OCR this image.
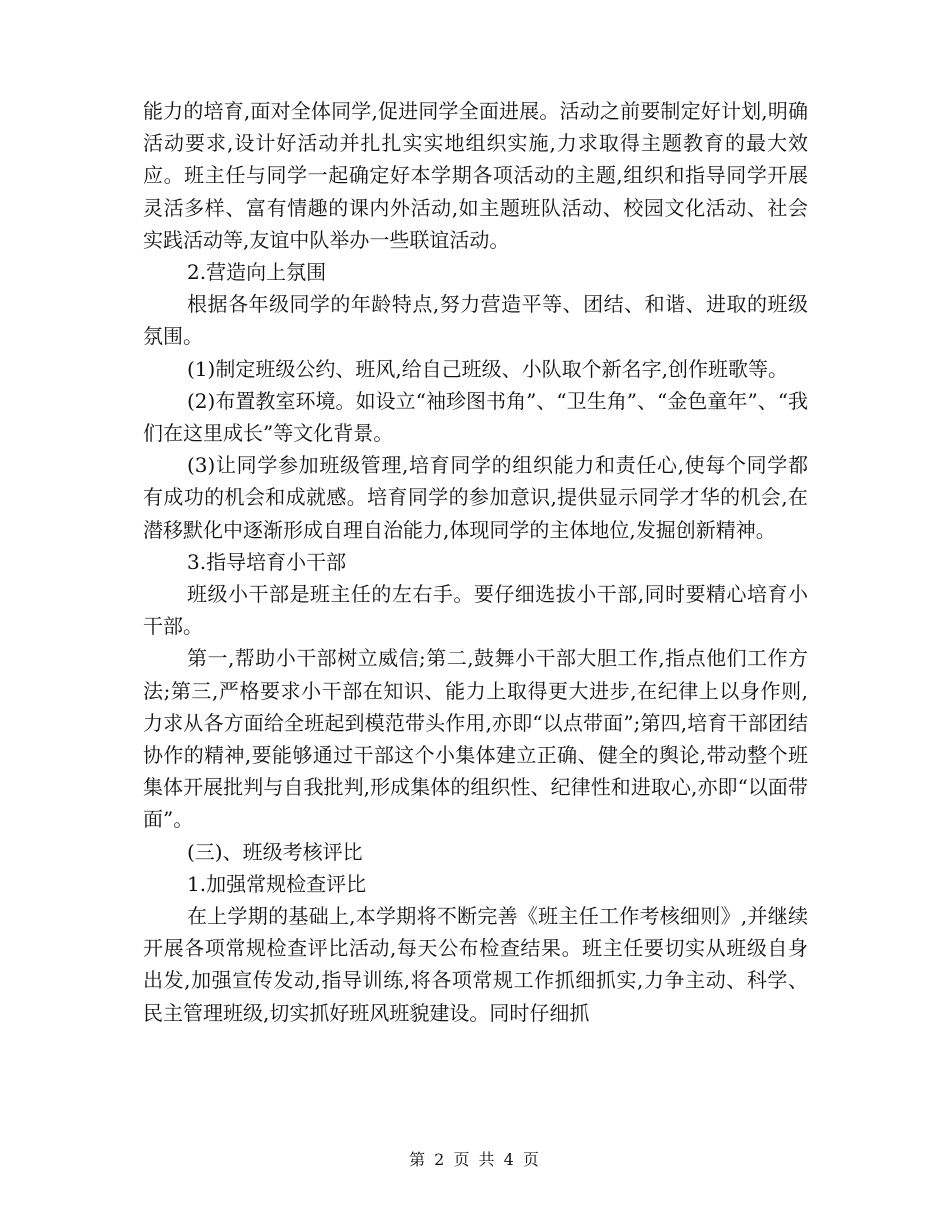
能力的培育,面对全体同学,促进同学全面进展。活动之前要制定好计划,明确活动要求,设计好活动并扎扎实实地组织实施,力求取得主题教育的最大效应。班主任与同学一起确定好本学期各项活动的主题,组织和指导同学开展灵活多样、富有情趣的课内外活动,如主题班队活动、校园文化活动、社会实践活动等,友谊中队举办一些联谊活动。

2.营造向上氛围

根据各年级同学的年龄特点,努力营造平等、团结、和谐、进取的班级氛围。

(1)制定班级公约、班风,给自己班级、小队取个新名字,创作班歌等。

(2)布置教室环境。如设立“袖珍图书角”、“卫生角”、“金色童年”、“我们在这里成长”等文化背景。

(3)让同学参加班级管理,培育同学的组织能力和责任心,使每个同学都有成功的机会和成就感。培育同学的参加意识,提供显示同学才华的机会,在潜移默化中逐渐形成自理自治能力,体现同学的主体地位,发掘创新精神。

3.指导培育小干部

班级小干部是班主任的左右手。要仔细选拔小干部,同时要精心培育小干部。

第一,帮助小干部树立威信;第二,鼓舞小干部大胆工作,指点他们工作方法;第三,严格要求小干部在知识、能力上取得更大进步,在纪律上以身作则,力求从各方面给全班起到模范带头作用,亦即“以点带面”;第四,培育干部团结协作的精神,要能够通过干部这个小集体建立正确、健全的舆论,带动整个班集体开展批判与自我批判,形成集体的组织性、纪律性和进取心,亦即“以面带面”。

(三)、班级考核评比

1.加强常规检查评比

在上学期的基础上,本学期将不断完善《班主任工作考核细则》,并继续开展各项常规检查评比活动,每天公布检查结果。班主任要切实从班级自身出发,加强宣传发动,指导训练,将各项常规工作抓细抓实,力争主动、科学、民主管理班级,切实抓好班风班貌建设。同时仔细抓

第 2 页 共 4 页
